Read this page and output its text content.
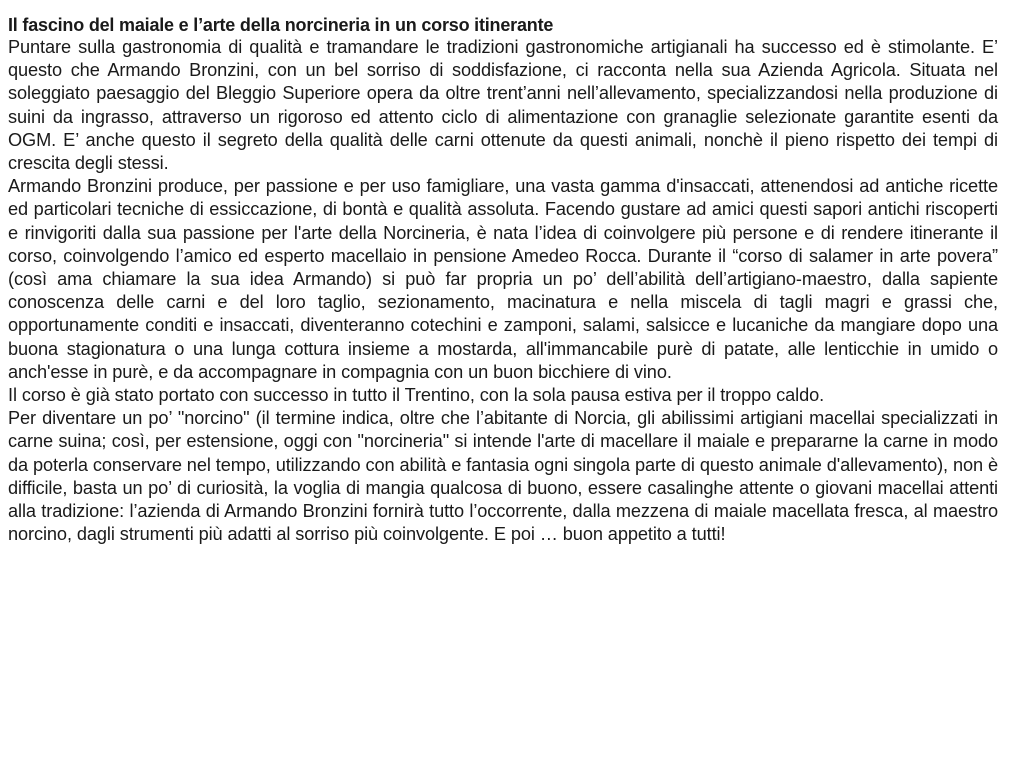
Il fascino del maiale e l’arte della norcineria in un corso itinerante

Puntare sulla gastronomia di qualità e tramandare le tradizioni gastronomiche artigianali ha successo ed è stimolante. E’ questo che Armando Bronzini, con un bel sorriso di soddisfazione, ci racconta nella sua Azienda Agricola. Situata nel soleggiato paesaggio del Bleggio Superiore opera da oltre trent’anni nell’allevamento, specializzandosi nella produzione di suini da ingrasso, attraverso un rigoroso ed attento ciclo di alimentazione con granaglie selezionate garantite esenti da OGM. E’ anche questo il segreto della qualità delle carni ottenute da questi animali, nonchè il pieno rispetto dei tempi di crescita degli stessi.

Armando Bronzini produce, per passione e per uso famigliare, una vasta gamma d'insaccati, attenendosi ad antiche ricette ed particolari tecniche di essiccazione, di bontà e qualità assoluta. Facendo gustare ad amici questi sapori antichi riscoperti e rinvigoriti dalla sua passione per l'arte della Norcineria, è nata l’idea di coinvolgere più persone e di rendere itinerante il corso, coinvolgendo l’amico ed esperto macellaio in pensione Amedeo Rocca. Durante il “corso di salamer in arte povera” (così ama chiamare la sua idea Armando) si può far propria un po’ dell’abilità dell’artigiano-maestro, dalla sapiente conoscenza delle carni e del loro taglio, sezionamento, macinatura e nella miscela di tagli magri e grassi che, opportunamente conditi e insaccati, diventeranno cotechini e zamponi, salami, salsicce e lucaniche da mangiare dopo una buona stagionatura o una lunga cottura insieme a mostarda, all'immancabile purè di patate, alle lenticchie in umido o anch'esse in purè, e da accompagnare in compagnia con un buon bicchiere di vino.

Il corso è già stato portato con successo in tutto il Trentino, con la sola pausa estiva per il troppo caldo.

Per diventare un po’ "norcino" (il termine indica, oltre che l’abitante di Norcia, gli abilissimi artigiani macellai specializzati in carne suina; così, per estensione, oggi con "norcineria" si intende l'arte di macellare il maiale e prepararne la carne in modo da poterla conservare nel tempo, utilizzando con abilità e fantasia ogni singola parte di questo animale d'allevamento), non è difficile, basta un po’ di curiosità, la voglia di mangia qualcosa di buono, essere casalinghe attente o giovani macellai attenti alla tradizione: l’azienda di Armando Bronzini fornirà tutto l’occorrente, dalla mezzena di maiale macellata fresca, al maestro norcino, dagli strumenti più adatti al sorriso più coinvolgente. E poi … buon appetito a tutti!
